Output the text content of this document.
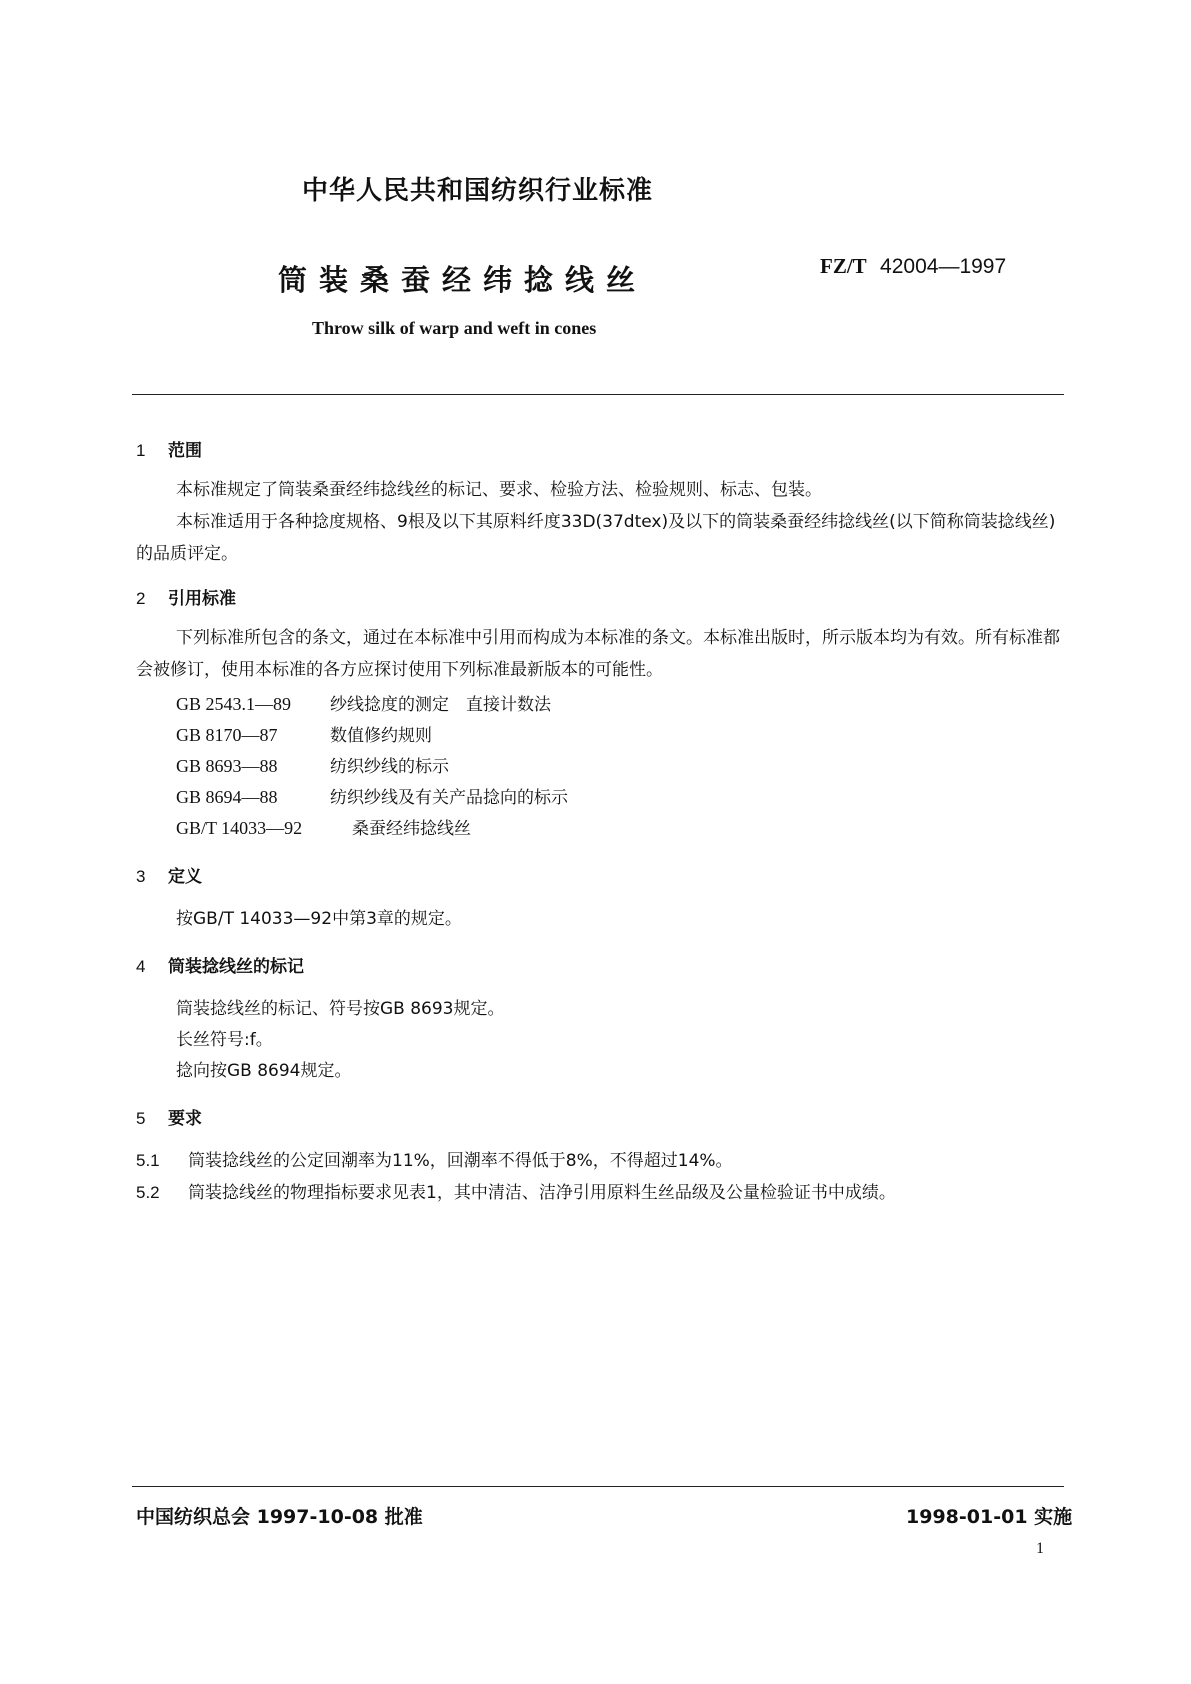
中华人民共和国纺织行业标准
筒装桑蚕经纬捻线丝	FZ/T 42004—1997
Throw silk of warp and weft in cones
1 范围
本标准规定了筒装桑蚕经纬捻线丝的标记、要求、检验方法、检验规则、标志、包装。
本标准适用于各种捻度规格、9根及以下其原料纤度33D(37dtex)及以下的筒装桑蚕经纬捻线丝(以下简称筒装捻线丝)的品质评定。
2 引用标准
下列标准所包含的条文，通过在本标准中引用而构成为本标准的条文。本标准出版时，所示版本均为有效。所有标准都会被修订，使用本标准的各方应探讨使用下列标准最新版本的可能性。
GB 2543.1—89 纱线捻度的测定　直接计数法
GB 8170—87	数值修约规则
GB 8693—88	纺织纱线的标示
GB 8694—88	纺织纱线及有关产品捻向的标示
GB/T 14033—92	桑蚕经纬捻线丝
3 定义
按GB/T 14033—92中第3章的规定。
4 筒装捻线丝的标记
筒装捻线丝的标记、符号按GB 8693规定。
长丝符号:f。
捻向按GB 8694规定。
5 要求
5.1 筒装捻线丝的公定回潮率为11%，回潮率不得低于8%，不得超过14%。
5.2 筒装捻线丝的物理指标要求见表1，其中清洁、洁净引用原料生丝品级及公量检验证书中成绩。
中国纺织总会 1997-10-08 批准	1998-01-01 实施
1
